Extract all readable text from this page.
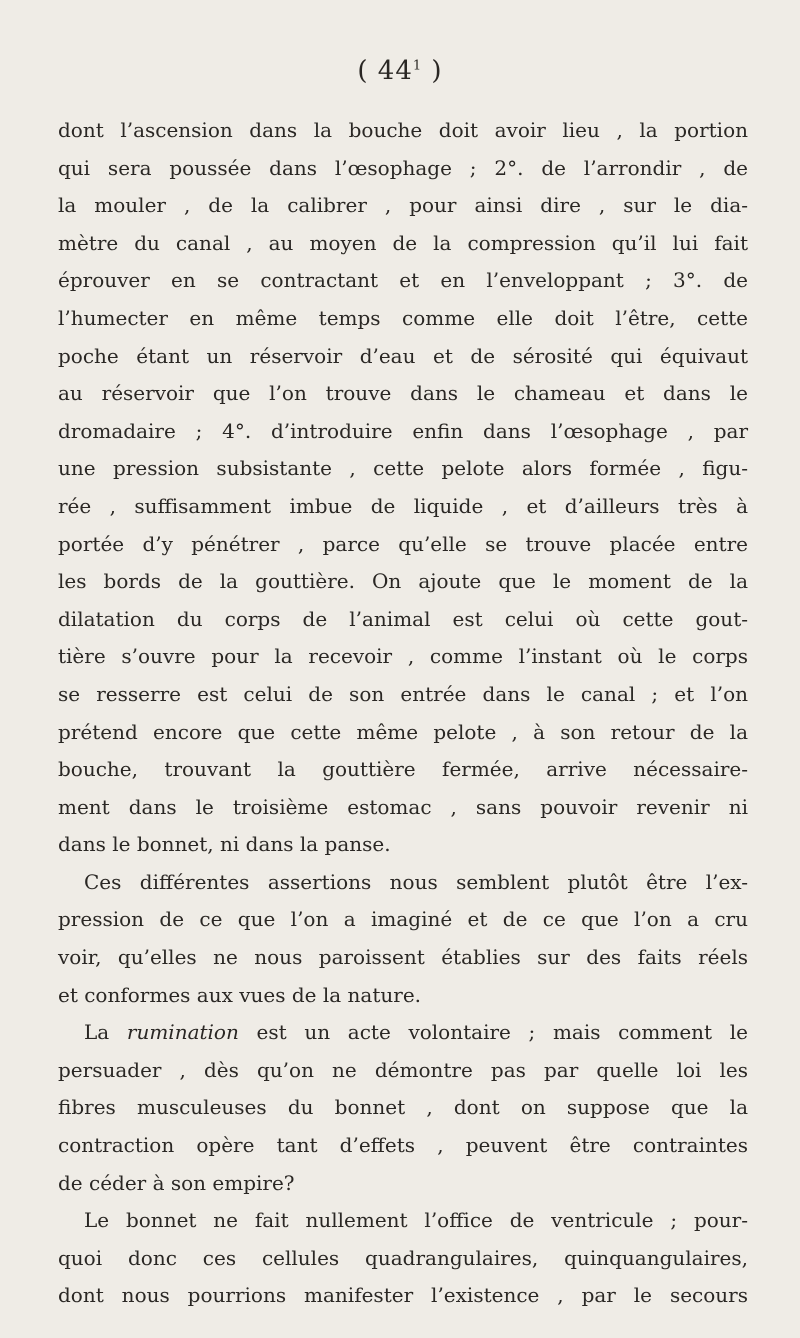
( $44^1$ )
dont l’ascension dans la bouche doit avoir lieu , la portion
qui sera poussée dans l’œsophage ; 2°. de l’arrondir , de
la mouler , de la calibrer , pour ainsi dire , sur le dia-
mètre du canal , au moyen de la compression qu’il lui fait
éprouver en se contractant et en l’enveloppant ; 3°. de
l’humecter en même temps comme elle doit l’être, cette
poche étant un réservoir d’eau et de sérosité qui équivaut
au réservoir que l’on trouve dans le chameau et dans le
dromadaire ; 4°. d’introduire enfin dans l’œsophage , par
une pression subsistante , cette pelote alors formée , figu-
rée , suffisamment imbue de liquide , et d’ailleurs très à
portée d’y pénétrer , parce qu’elle se trouve placée entre
les bords de la gouttière. On ajoute que le moment de la
dilatation du corps de l’animal est celui où cette gout-
tière s’ouvre pour la recevoir , comme l’instant où le corps
se resserre est celui de son entrée dans le canal ; et l’on
prétend encore que cette même pelote , à son retour de la
bouche, trouvant la gouttière fermée, arrive nécessaire-
ment dans le troisième estomac , sans pouvoir revenir ni
dans le bonnet, ni dans la panse.
Ces différentes assertions nous semblent plutôt être l’ex-
pression de ce que l’on a imaginé et de ce que l’on a cru
voir, qu’elles ne nous paroissent établies sur des faits réels
et conformes aux vues de la nature.
La rumination est un acte volontaire ; mais comment le
persuader , dès qu’on ne démontre pas par quelle loi les
fibres musculeuses du bonnet , dont on suppose que la
contraction opère tant d’effets , peuvent être contraintes
de céder à son empire?
Le bonnet ne fait nullement l’office de ventricule ; pour-
quoi donc ces cellules quadrangulaires, quinquangulaires,
dont nous pourrions manifester l’existence , par le secours
